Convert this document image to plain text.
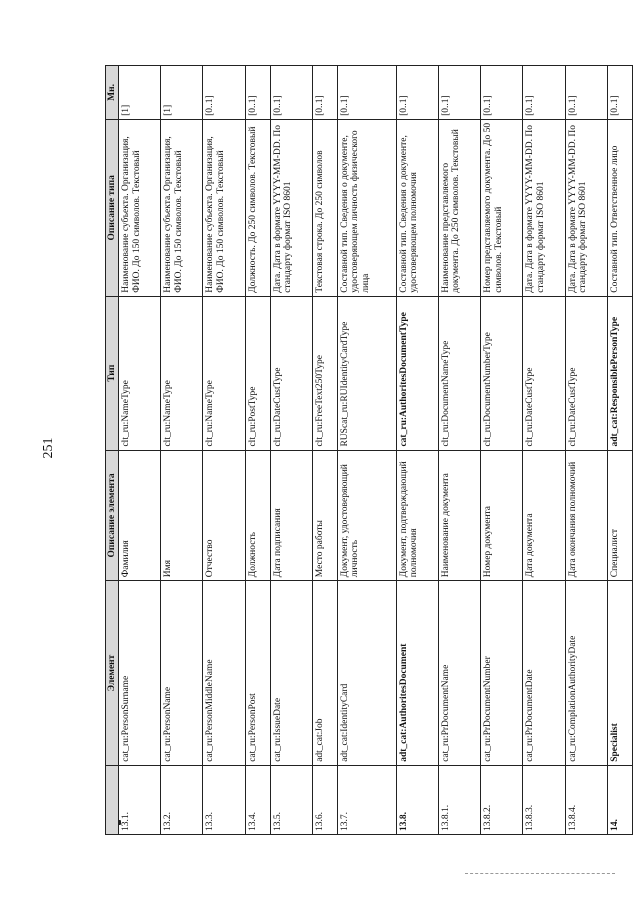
251
	Элемент	Описание элемента	Тип	Описание типа	Мн.
13.1.	cat_ru:PersonSurname	Фамилия	clt_ru:NameType	Наименование субъекта. Организация, ФИО. До 150 символов. Текстовый	[1]
13.2.	cat_ru:PersonName	Имя	clt_ru:NameType	Наименование субъекта. Организация, ФИО. До 150 символов. Текстовый	[1]
13.3.	cat_ru:PersonMiddleName	Отчество	clt_ru:NameType	Наименование субъекта. Организация, ФИО. До 150 символов. Текстовый	[0..1]
13.4.	cat_ru:PersonPost	Должность	clt_ru:PostType	Должность. До 250 символов. Текстовый	[0..1]
13.5.	cat_ru:IssueDate	Дата подписания	clt_ru:DateCustType	Дата. Дата в формате YYYY-MM-DD. По стандарту формат ISO 8601	[0..1]
13.6.	adt_cat:Job	Место работы	clt_ru:FreeText250Type	Текстовая строка. До 250 символов	[0..1]
13.7.	adt_cat:IdentityCard	Документ, удостоверяющий личность	RUScat_ru:RUIdentityCardType	Составной тип. Сведения о документе, удостоверяющем личность физического лица	[0..1]
13.8.	adt_cat:AuthoritesDocument	Документ, подтверждающий полномочия	cat_ru:AuthoritesDocumentType	Составной тип. Сведения о документе, удостоверяющем полномочия	[0..1]
13.8.1.	cat_ru:PrDocumentName	Наименование документа	clt_ru:DocumentNameType	Наименование представляемого документа. До 250 символов. Текстовый	[0..1]
13.8.2.	cat_ru:PrDocumentNumber	Номер документа	clt_ru:DocumentNumberType	Номер представляемого документа. До 50 символов. Текстовый	[0..1]
13.8.3.	cat_ru:PrDocumentDate	Дата документа	clt_ru:DateCustType	Дата. Дата в формате YYYY-MM-DD. По стандарту формат ISO 8601	[0..1]
13.8.4.	cat_ru:ComplationAuthorityDate	Дата окончания полномочий	clt_ru:DateCustType	Дата. Дата в формате YYYY-MM-DD. По стандарту формат ISO 8601	[0..1]
14.	Specialist	Специалист	adt_cat:ResponsiblePersonType	Составной тип. Ответственное лицо	[0..1]
